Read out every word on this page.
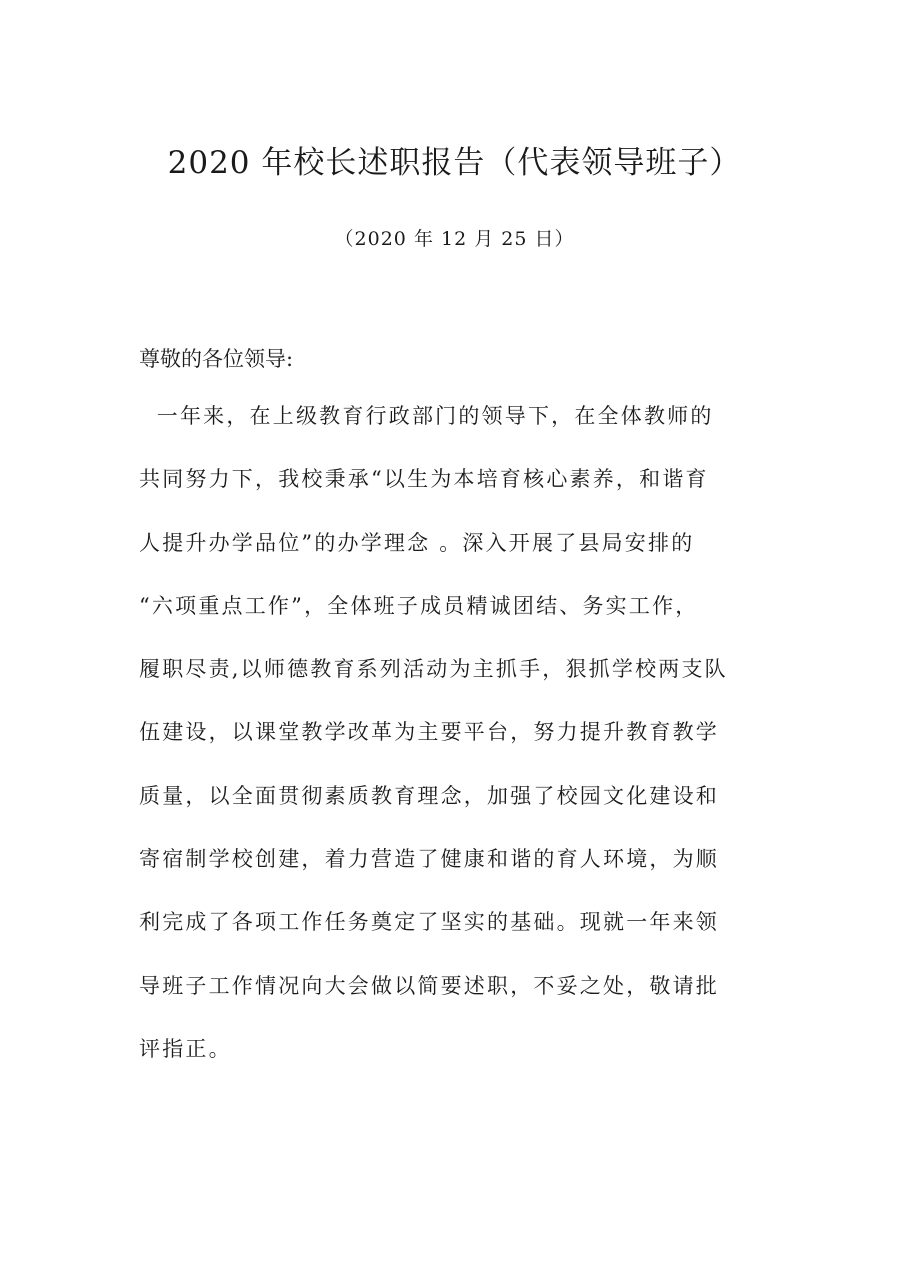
2020 年校长述职报告（代表领导班子）
（2020 年 12 月 25 日）
尊敬的各位领导:
一年来，在上级教育行政部门的领导下，在全体教师的
共同努力下，我校秉承“以生为本培育核心素养，和谐育
人提升办学品位”的办学理念 。深入开展了县局安排的
“六项重点工作”，全体班子成员精诚团结、务实工作，
履职尽责,以师德教育系列活动为主抓手，狠抓学校两支队
伍建设，以课堂教学改革为主要平台，努力提升教育教学
质量，以全面贯彻素质教育理念，加强了校园文化建设和
寄宿制学校创建，着力营造了健康和谐的育人环境，为顺
利完成了各项工作任务奠定了坚实的基础。现就一年来领
导班子工作情况向大会做以简要述职，不妥之处，敬请批
评指正。
